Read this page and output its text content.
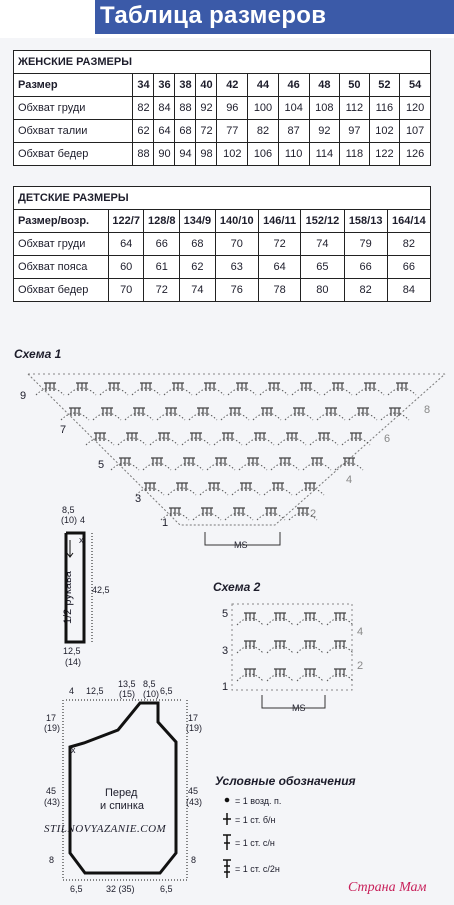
Таблица размеров
ЖЕНСКИЕ РАЗМЕРЫ											
Размер	34	36	38	40	42	44	46	48	50	52	54
Обхват груди	82	84	88	92	96	100	104	108	112	116	120
Обхват талии	62	64	68	72	77	82	87	92	97	102	107
Обхват бедер	88	90	94	98	102	106	110	114	118	122	126
ДЕТСКИЕ РАЗМЕРЫ								
Размер/возр.	122/7	128/8	134/9	140/10	146/11	152/12	158/13	164/14
Обхват груди	64	66	68	70	72	74	79	82
Обхват пояса	60	61	62	63	64	65	66	66
Обхват бедер	70	72	74	76	78	80	82	84
Схема 1
9
7
5
3
1
8
6
4
2
MS
Схема 2
5
3
1
4
2
MS
8,5
(10) 4
42,5
12,5
(14)
1/2 рукава
x
4 12,5
13,5
(15)
8,5
(10) 6,5
17
(19)
45
(43)
8
17
(19)
45
(43)
8
6,5	32 (35)	6,5
Перед
и спинка
x
Условные обозначения
= 1 возд. п.
= 1 ст. б/н
= 1 ст. с/н
= 1 ст. с/2н
STILNOVYAZANIE.COM
Страна Мам
